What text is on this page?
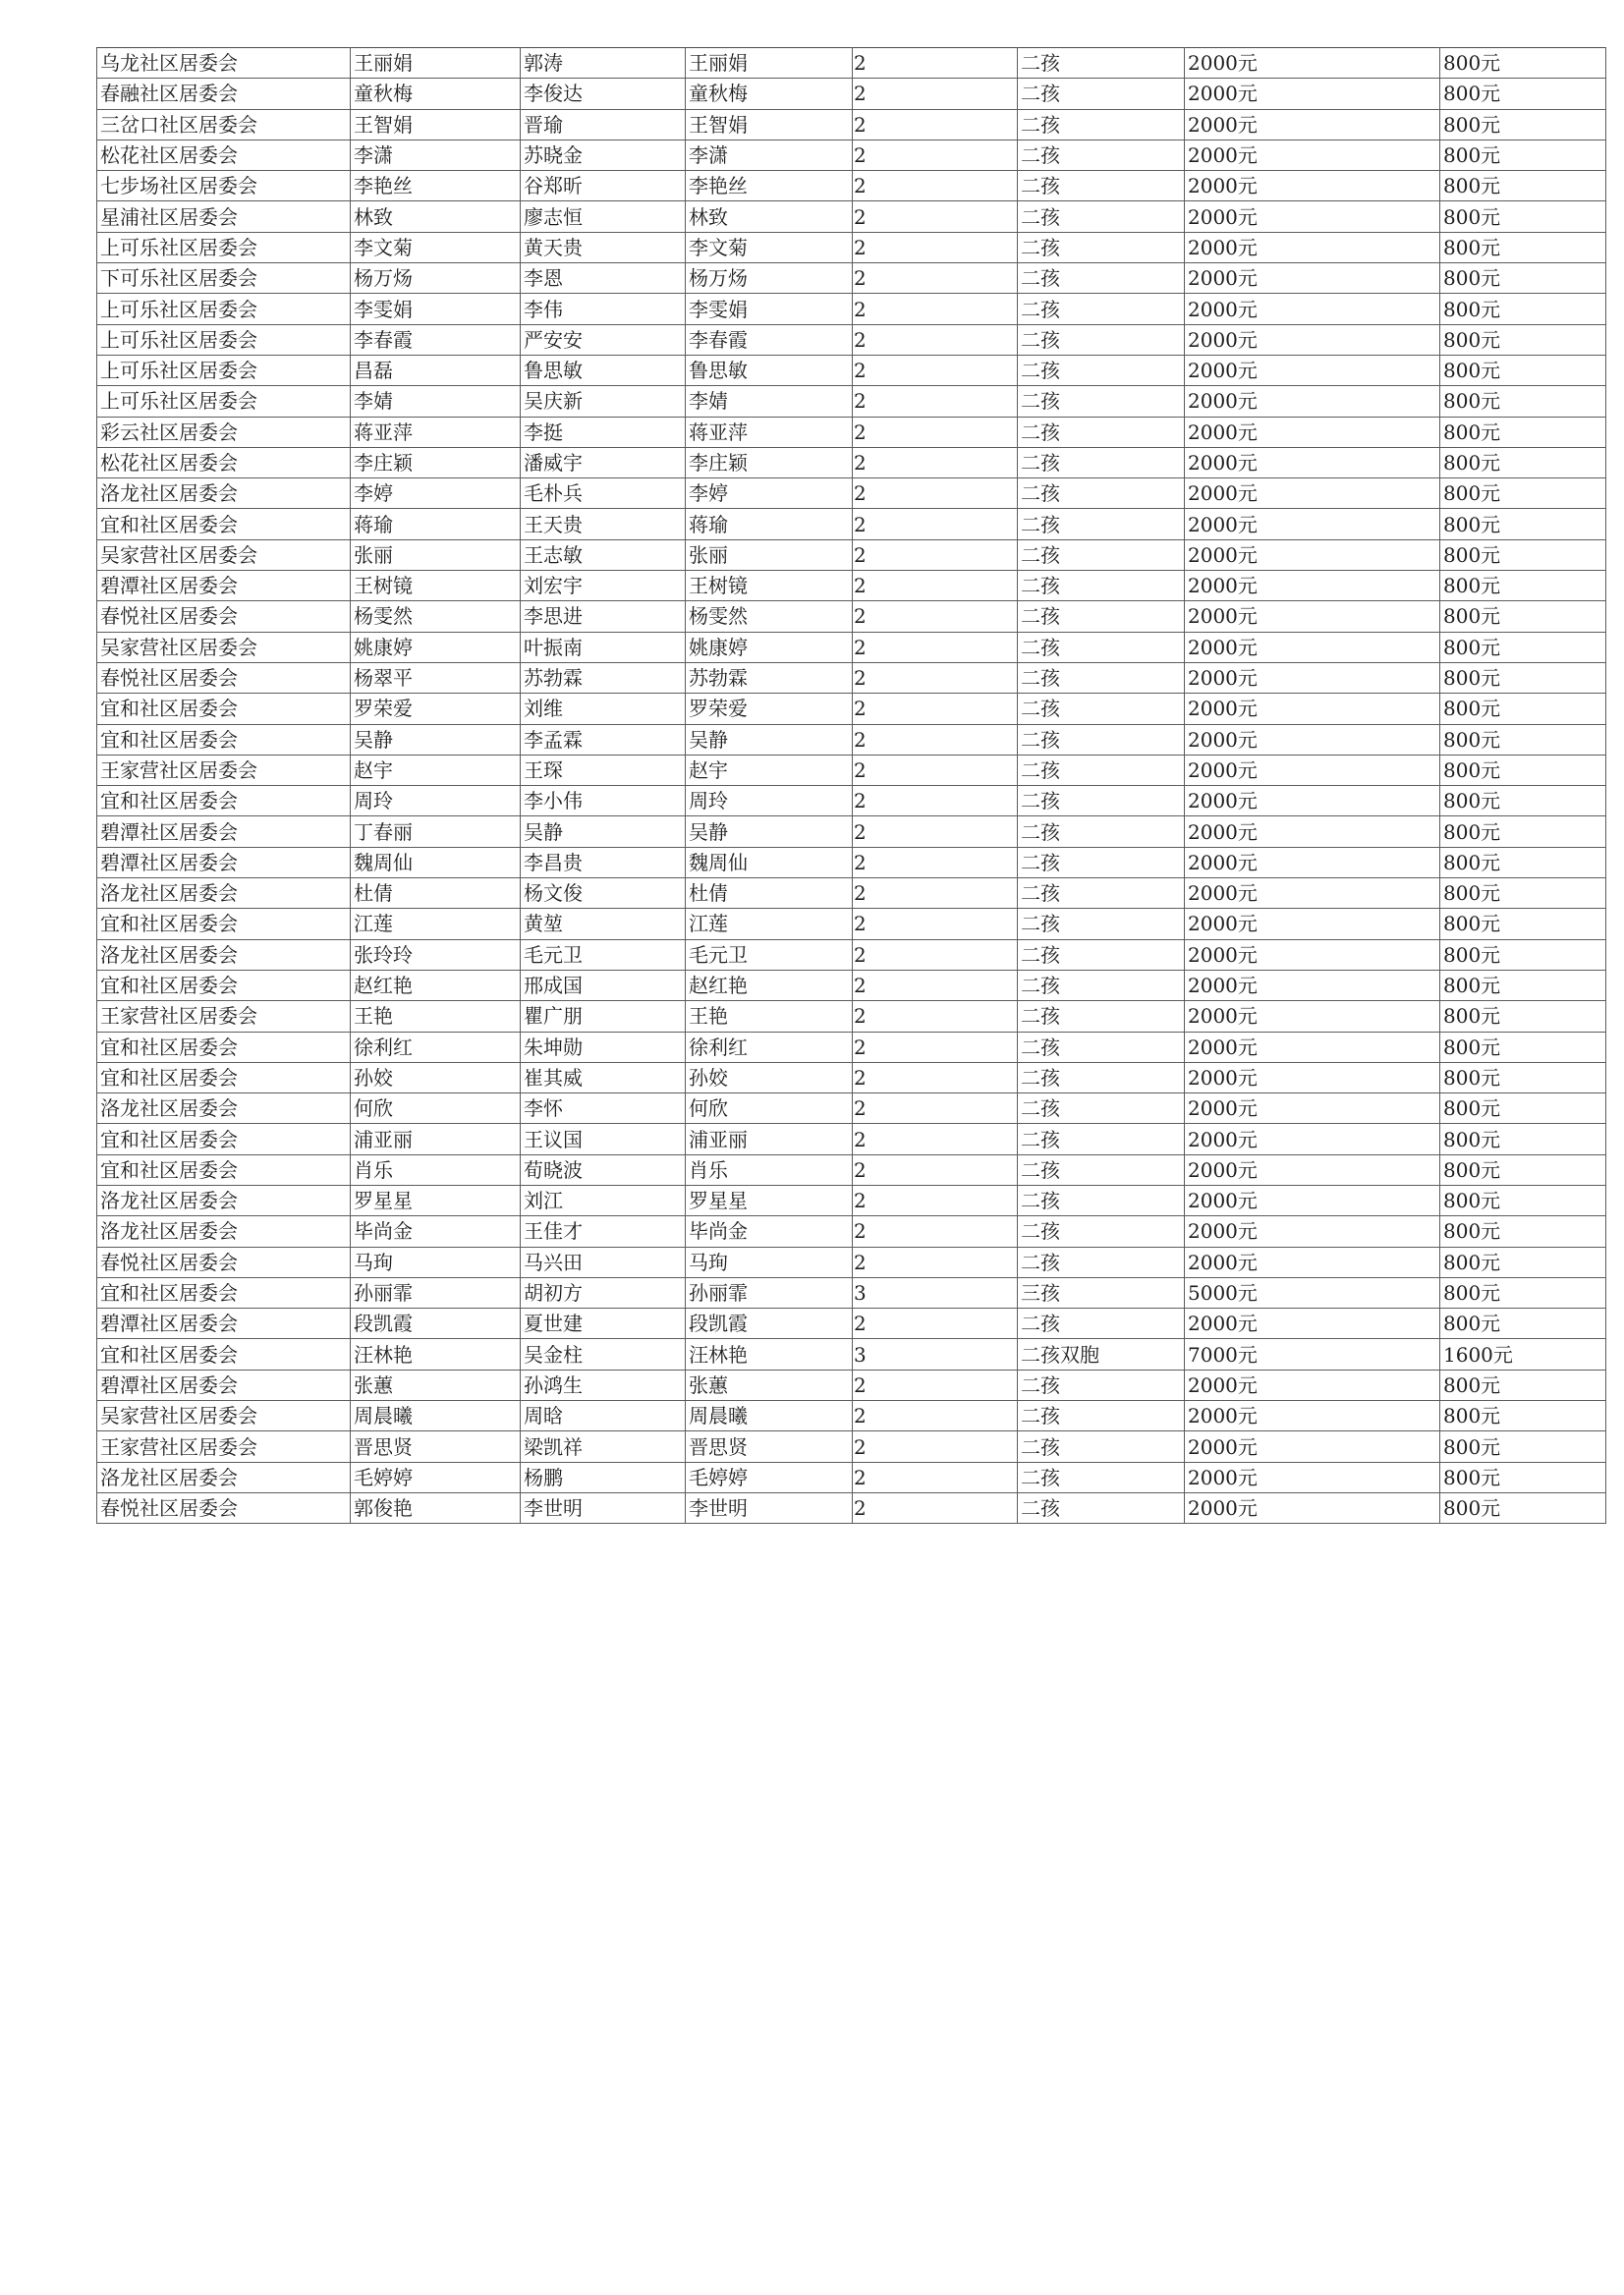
乌龙社区居委会	王丽娟	郭涛	王丽娟	2	二孩	2000元	800元
春融社区居委会	童秋梅	李俊达	童秋梅	2	二孩	2000元	800元
三岔口社区居委会	王智娟	晋瑜	王智娟	2	二孩	2000元	800元
松花社区居委会	李潇	苏晓金	李潇	2	二孩	2000元	800元
七步场社区居委会	李艳丝	谷郑昕	李艳丝	2	二孩	2000元	800元
星浦社区居委会	林致	廖志恒	林致	2	二孩	2000元	800元
上可乐社区居委会	李文菊	黄天贵	李文菊	2	二孩	2000元	800元
下可乐社区居委会	杨万炀	李恩	杨万炀	2	二孩	2000元	800元
上可乐社区居委会	李雯娟	李伟	李雯娟	2	二孩	2000元	800元
上可乐社区居委会	李春霞	严安安	李春霞	2	二孩	2000元	800元
上可乐社区居委会	昌磊	鲁思敏	鲁思敏	2	二孩	2000元	800元
上可乐社区居委会	李婧	吴庆新	李婧	2	二孩	2000元	800元
彩云社区居委会	蒋亚萍	李挺	蒋亚萍	2	二孩	2000元	800元
松花社区居委会	李庄颖	潘威宇	李庄颖	2	二孩	2000元	800元
洛龙社区居委会	李婷	毛朴兵	李婷	2	二孩	2000元	800元
宜和社区居委会	蒋瑜	王天贵	蒋瑜	2	二孩	2000元	800元
吴家营社区居委会	张丽	王志敏	张丽	2	二孩	2000元	800元
碧潭社区居委会	王树镜	刘宏宇	王树镜	2	二孩	2000元	800元
春悦社区居委会	杨雯然	李思进	杨雯然	2	二孩	2000元	800元
吴家营社区居委会	姚康婷	叶振南	姚康婷	2	二孩	2000元	800元
春悦社区居委会	杨翠平	苏勃霖	苏勃霖	2	二孩	2000元	800元
宜和社区居委会	罗荣爱	刘维	罗荣爱	2	二孩	2000元	800元
宜和社区居委会	吴静	李孟霖	吴静	2	二孩	2000元	800元
王家营社区居委会	赵宇	王琛	赵宇	2	二孩	2000元	800元
宜和社区居委会	周玲	李小伟	周玲	2	二孩	2000元	800元
碧潭社区居委会	丁春丽	吴静	吴静	2	二孩	2000元	800元
碧潭社区居委会	魏周仙	李昌贵	魏周仙	2	二孩	2000元	800元
洛龙社区居委会	杜倩	杨文俊	杜倩	2	二孩	2000元	800元
宜和社区居委会	江莲	黄堃	江莲	2	二孩	2000元	800元
洛龙社区居委会	张玲玲	毛元卫	毛元卫	2	二孩	2000元	800元
宜和社区居委会	赵红艳	邢成国	赵红艳	2	二孩	2000元	800元
王家营社区居委会	王艳	瞿广朋	王艳	2	二孩	2000元	800元
宜和社区居委会	徐利红	朱坤勋	徐利红	2	二孩	2000元	800元
宜和社区居委会	孙姣	崔其威	孙姣	2	二孩	2000元	800元
洛龙社区居委会	何欣	李怀	何欣	2	二孩	2000元	800元
宜和社区居委会	浦亚丽	王议国	浦亚丽	2	二孩	2000元	800元
宜和社区居委会	肖乐	荀晓波	肖乐	2	二孩	2000元	800元
洛龙社区居委会	罗星星	刘江	罗星星	2	二孩	2000元	800元
洛龙社区居委会	毕尚金	王佳才	毕尚金	2	二孩	2000元	800元
春悦社区居委会	马珣	马兴田	马珣	2	二孩	2000元	800元
宜和社区居委会	孙丽霏	胡初方	孙丽霏	3	三孩	5000元	800元
碧潭社区居委会	段凯霞	夏世建	段凯霞	2	二孩	2000元	800元
宜和社区居委会	汪林艳	吴金柱	汪林艳	3	二孩双胞	7000元	1600元
碧潭社区居委会	张蕙	孙鸿生	张蕙	2	二孩	2000元	800元
吴家营社区居委会	周晨曦	周晗	周晨曦	2	二孩	2000元	800元
王家营社区居委会	晋思贤	梁凯祥	晋思贤	2	二孩	2000元	800元
洛龙社区居委会	毛婷婷	杨鹏	毛婷婷	2	二孩	2000元	800元
春悦社区居委会	郭俊艳	李世明	李世明	2	二孩	2000元	800元
